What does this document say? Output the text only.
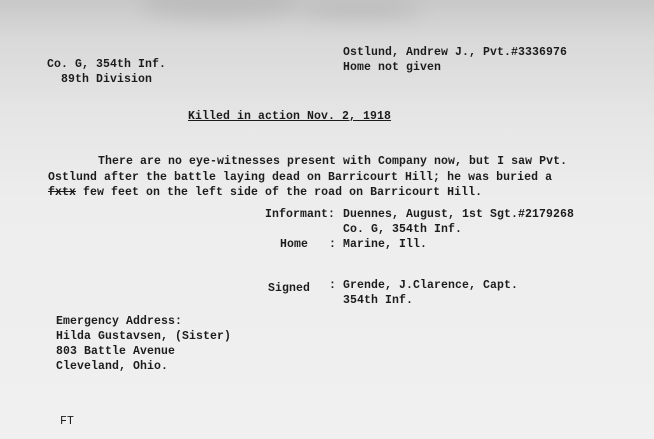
Co. G, 354th Inf.
89th Division
Ostlund, Andrew J., Pvt.#3336976
Home not given
Killed in action Nov. 2, 1918
There are no eye-witnesses present with Company now, but I saw Pvt.
Ostlund after the battle laying dead on Barricourt Hill; he was buried a
fxtx few feet on the left side of the road on Barricourt Hill.
Informant: Duennes, August, 1st Sgt.#2179268
Co. G, 354th Inf.
Home : Marine, Ill.
Signed : Grende, J.Clarence, Capt.
354th Inf.
Emergency Address:
Hilda Gustavsen, (Sister)
803 Battle Avenue
Cleveland, Ohio.
FT
